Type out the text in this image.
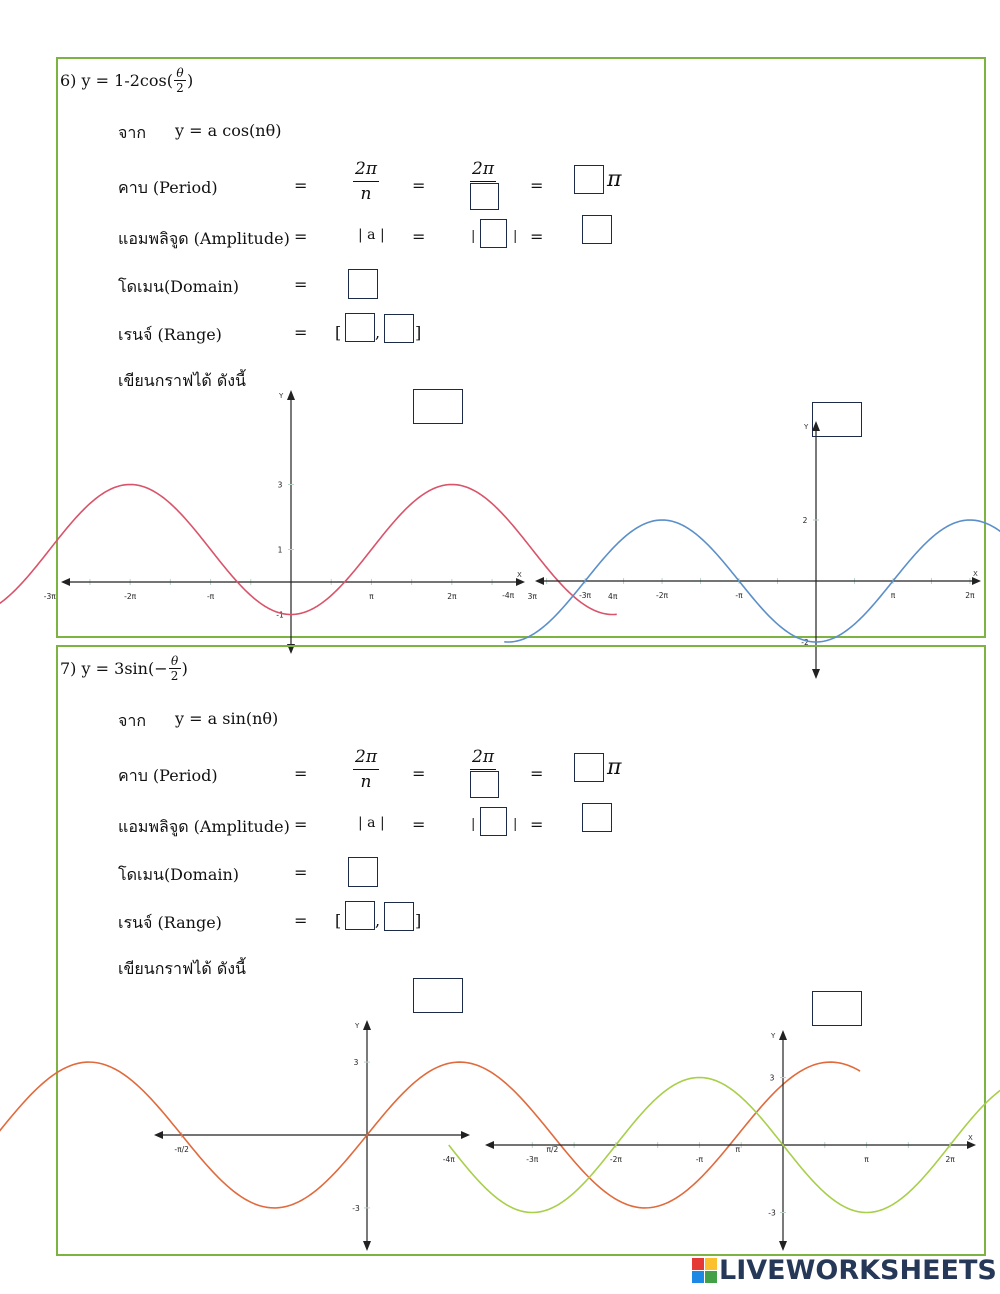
6)
$y = 1-2\cos( \frac{\theta}{2}$ )
จาก y = a cos(nθ)
คาบ (Period)	=
2π
n	=
2π
=	π
แอมพลิจูด (Amplitude) =	| a | =	|	| =
โดเมน(Domain)	=
เรนจ์ (Range)	= [ , ]
เขียนกราฟได้ ดังนี้
Y
X
3
1
-1
-3π	-2π	-π	π	2π	3π	4π
Y
X
2
-2
-4π	-3π	-2π	-π	π	2π
7)
$y = 3\sin(- \frac{\theta}{2}$ )
จาก y = a sin(nθ)
คาบ (Period)	=
2π
n	=
2π
=	π
แอมพลิจูด (Amplitude) =	| a | =	|	| =
โดเมน(Domain)	=
เรนจ์ (Range)	= [ , ]
เขียนกราฟได้ ดังนี้
Y
3
-3
-π/2	π/2	π
Y
X
3
-3
-4π	-3π	-2π	-π	π	2π
LIVEWORKSHEETS
